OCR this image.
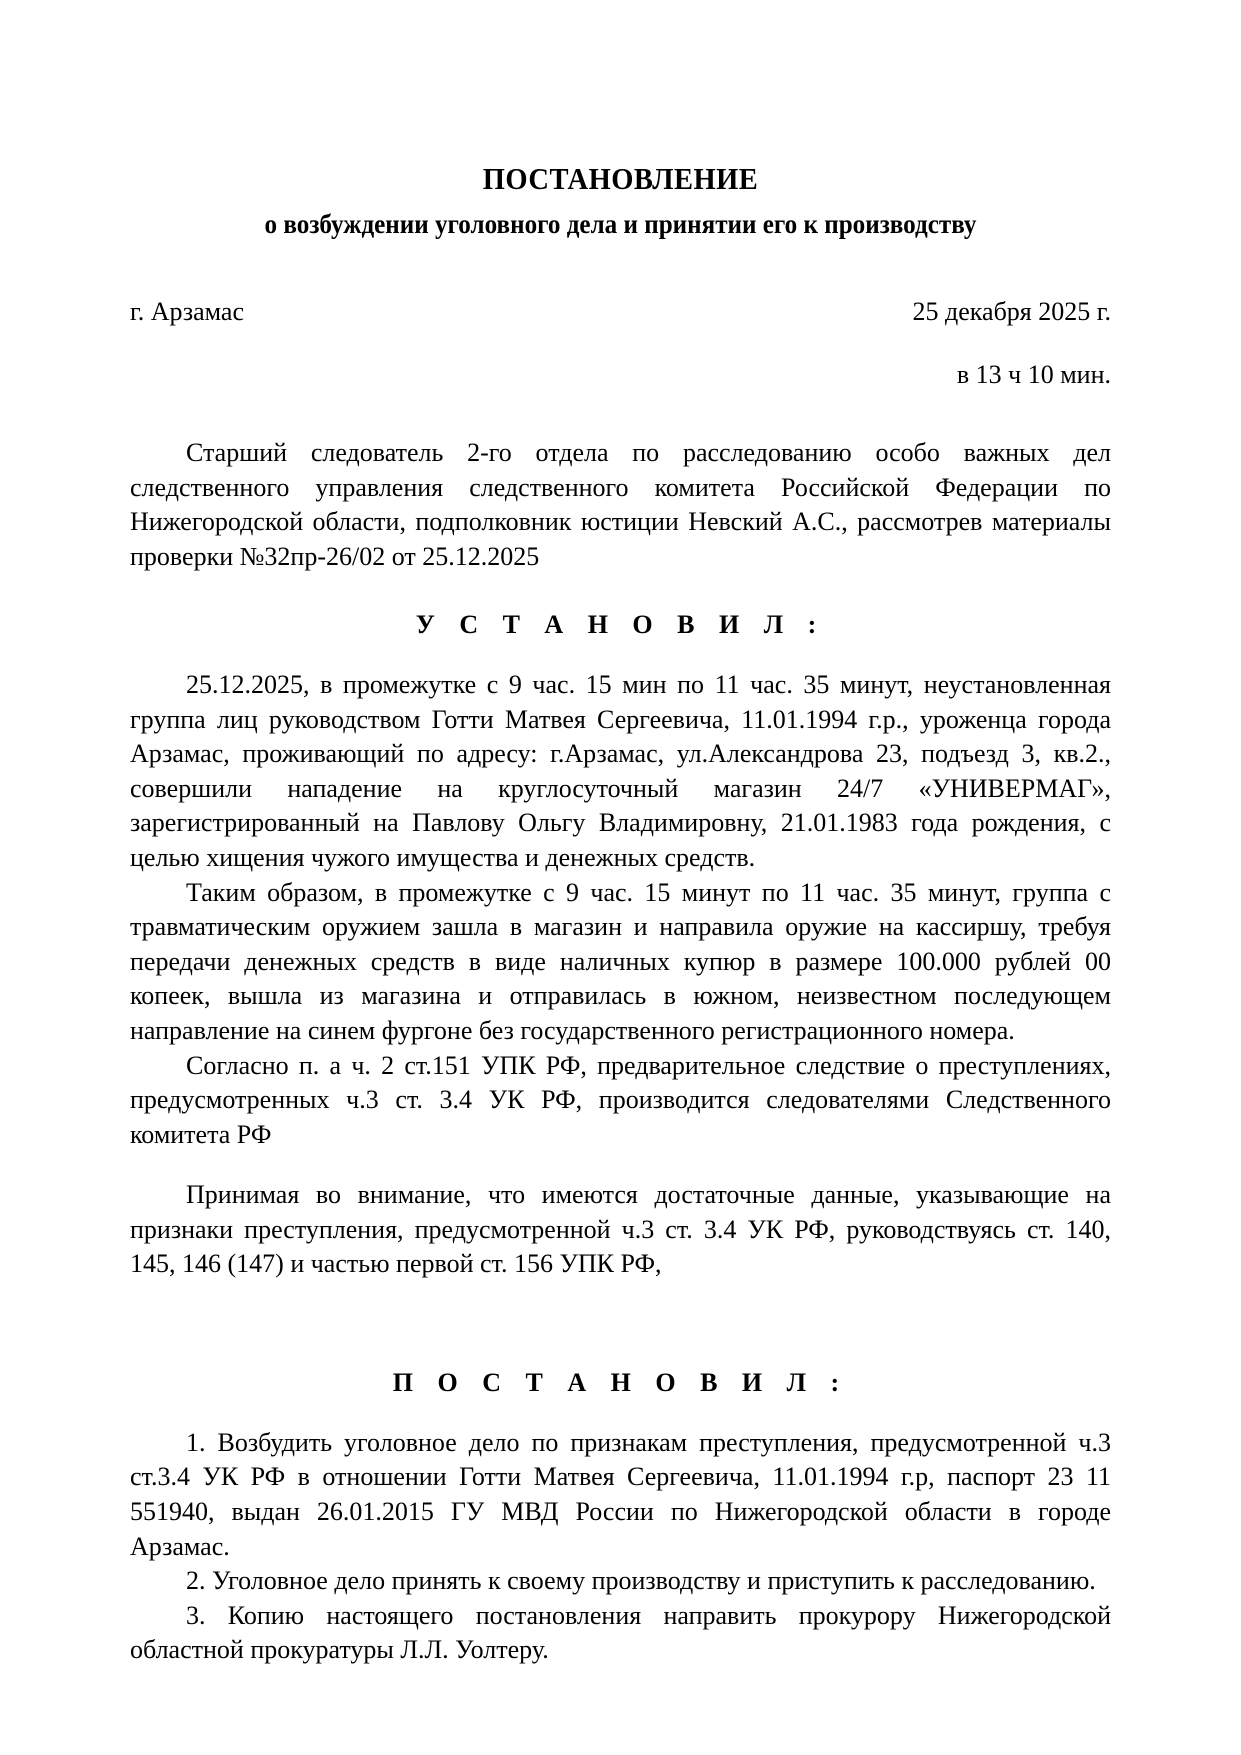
ПОСТАНОВЛЕНИЕ
о возбуждении уголовного дела и принятии его к производству
г. Арзамас	25 декабря 2025 г.
в 13 ч 10 мин.

Старший следователь 2-го отдела по расследованию особо важных дел следственного управления следственного комитета Российской Федерации по Нижегородской области, подполковник юстиции Невский А.С., рассмотрев материалы проверки №32пр-26/02 от 25.12.2025

У С Т А Н О В И Л :

25.12.2025, в промежутке с 9 час. 15 мин по 11 час. 35 минут, неустановленная группа лиц руководством Готти Матвея Сергеевича, 11.01.1994 г.р., уроженца города Арзамас, проживающий по адресу: г.Арзамас, ул.Александрова 23, подъезд 3, кв.2., совершили нападение на круглосуточный магазин 24/7 «УНИВЕРМАГ», зарегистрированный на Павлову Ольгу Владимировну, 21.01.1983 года рождения, с целью хищения чужого имущества и денежных средств.

Таким образом, в промежутке с 9 час. 15 минут по 11 час. 35 минут, группа с травматическим оружием зашла в магазин и направила оружие на кассиршу, требуя передачи денежных средств в виде наличных купюр в размере 100.000 рублей 00 копеек, вышла из магазина и отправилась в южном, неизвестном последующем направление на синем фургоне без государственного регистрационного номера.

Согласно п. а ч. 2 ст.151 УПК РФ, предварительное следствие о преступлениях, предусмотренных ч.3 ст. 3.4 УК РФ, производится следователями Следственного комитета РФ

Принимая во внимание, что имеются достаточные данные, указывающие на признаки преступления, предусмотренной ч.3 ст. 3.4 УК РФ, руководствуясь ст. 140, 145, 146 (147) и частью первой ст. 156 УПК РФ,

П О С Т А Н О В И Л :

1. Возбудить уголовное дело по признакам преступления, предусмотренной ч.3 ст.3.4 УК РФ в отношении Готти Матвея Сергеевича, 11.01.1994 г.р, паспорт 23 11 551940, выдан 26.01.2015 ГУ МВД России по Нижегородской области в городе Арзамас.

2. Уголовное дело принять к своему производству и приступить к расследованию.

3. Копию настоящего постановления направить прокурору Нижегородской областной прокуратуры Л.Л. Уолтеру.
